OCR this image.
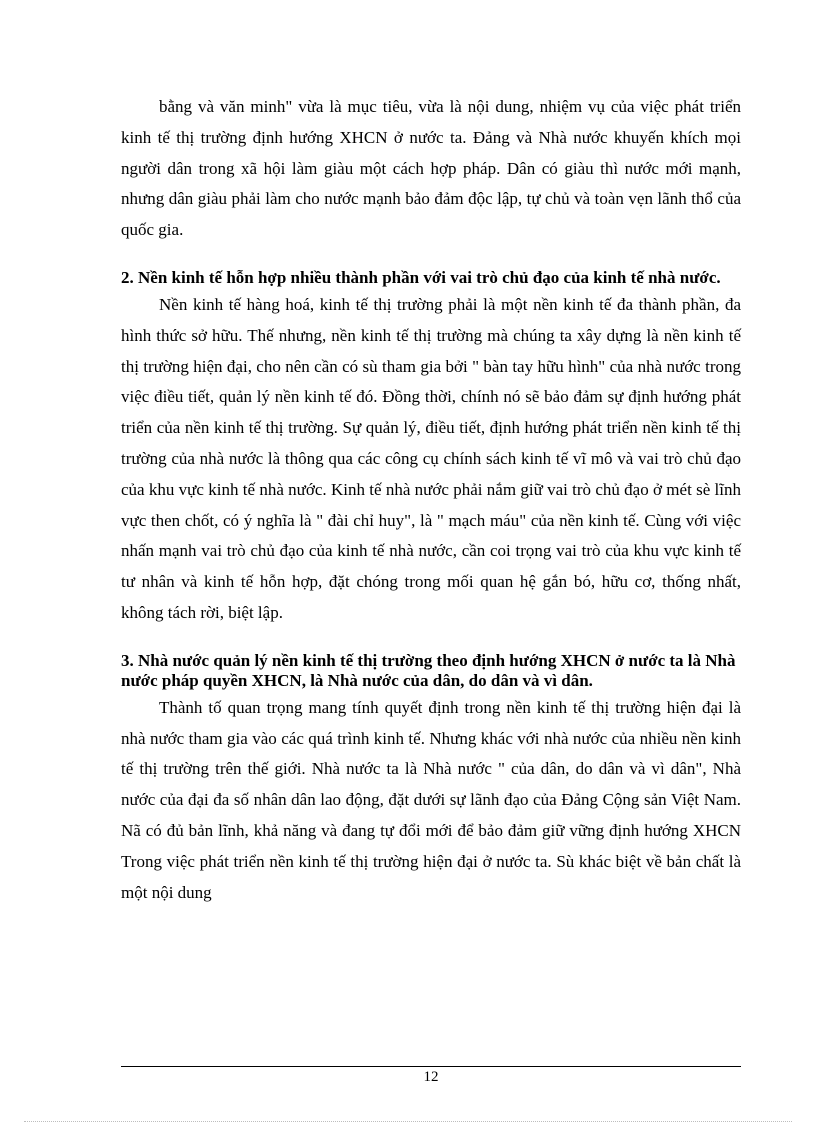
bằng và văn minh" vừa là mục tiêu, vừa là nội dung, nhiệm vụ của việc phát triển kinh tế thị trường định hướng XHCN ở nước ta. Đảng và Nhà nước khuyến khích mọi người dân trong xã hội làm giàu một cách hợp pháp. Dân có giàu thì nước mới mạnh, nhưng dân giàu phải làm cho nước mạnh bảo đảm độc lập, tự chủ và toàn vẹn lãnh thổ của quốc gia.

2. Nền kinh tế hỗn hợp nhiều thành phần với vai trò chủ đạo của kinh tế nhà nước.

Nền kinh tế hàng hoá, kinh tế thị trường phải là một nền kinh tế đa thành phần, đa hình thức sở hữu. Thế nhưng, nền kinh tế thị trường mà chúng ta xây dựng là nền kinh tế thị trường hiện đại, cho nên cần có sù tham gia bởi " bàn tay hữu hình" của nhà nước trong việc điều tiết, quản lý nền kinh tế đó. Đồng thời, chính nó sẽ bảo đảm sự định hướng phát triển của nền kinh tế thị trường. Sự quản lý, điều tiết, định hướng phát triển nền kinh tế thị trường của nhà nước là thông qua các công cụ chính sách kinh tế vĩ mô và vai trò chủ đạo của khu vực kinh tế nhà nước. Kinh tế nhà nước phải nắm giữ vai trò chủ đạo ở mét sè lĩnh vực then chốt, có ý nghĩa là " đài chỉ huy", là " mạch máu" của nền kinh tế. Cùng với việc nhấn mạnh vai trò chủ đạo của kinh tế nhà nước, cần coi trọng vai trò của khu vực kinh tế tư nhân và kinh tế hỗn hợp, đặt chóng trong mối quan hệ gắn bó, hữu cơ, thống nhất, không tách rời, biệt lập.

3. Nhà nước quản lý nền kinh tế thị trường theo định hướng XHCN ở nước ta là Nhà nước pháp quyền XHCN, là Nhà nước của dân, do dân và vì dân.

Thành tố quan trọng mang tính quyết định trong nền kinh tế thị trường hiện đại là nhà nước tham gia vào các quá trình kinh tế. Nhưng khác với nhà nước của nhiều nền kinh tế thị trường trên thế giới. Nhà nước ta là Nhà nước " của dân, do dân và vì dân", Nhà nước của đại đa số nhân dân lao động, đặt dưới sự lãnh đạo của Đảng Cộng sản Việt Nam. Nã có đủ bản lĩnh, khả năng và đang tự đổi mới để bảo đảm giữ vững định hướng XHCN Trong việc phát triển nền kinh tế thị trường hiện đại ở nước ta. Sù khác biệt về bản chất là một nội dung

12
